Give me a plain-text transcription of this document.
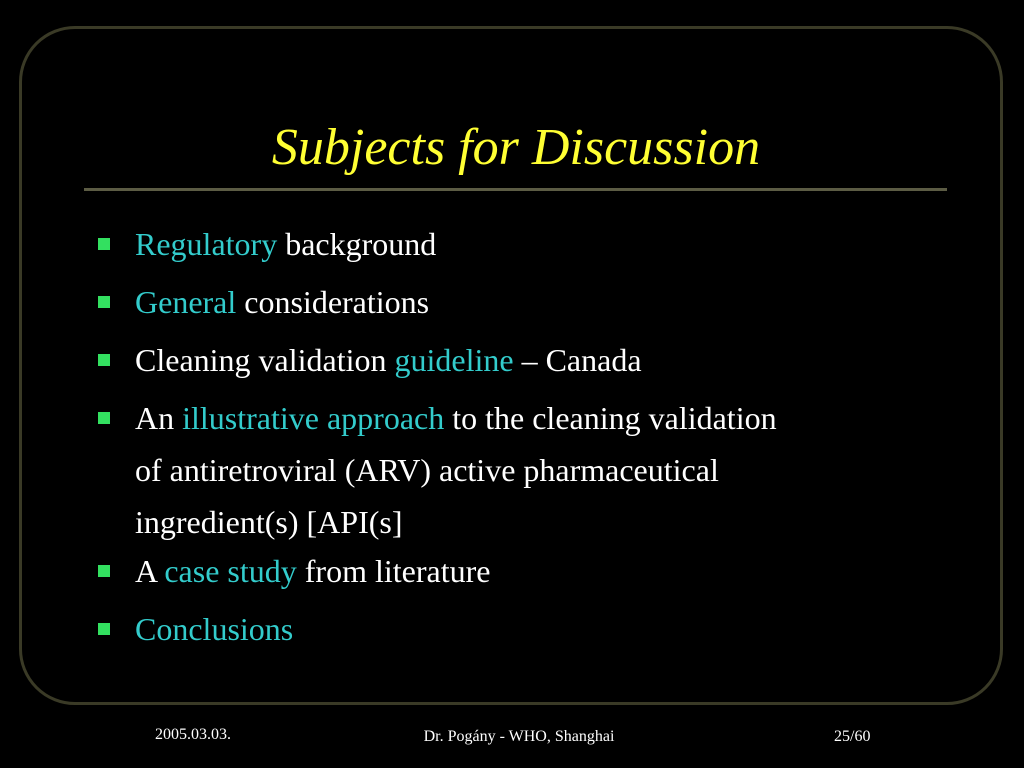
Subjects for Discussion
Regulatory background
General considerations
Cleaning validation guideline – Canada
An illustrative approach to the cleaning validation
of antiretroviral (ARV) active pharmaceutical
ingredient(s) [API(s]
A case study from literature
Conclusions
2005.03.03.	Dr. Pogány - WHO, Shanghai	25/60
